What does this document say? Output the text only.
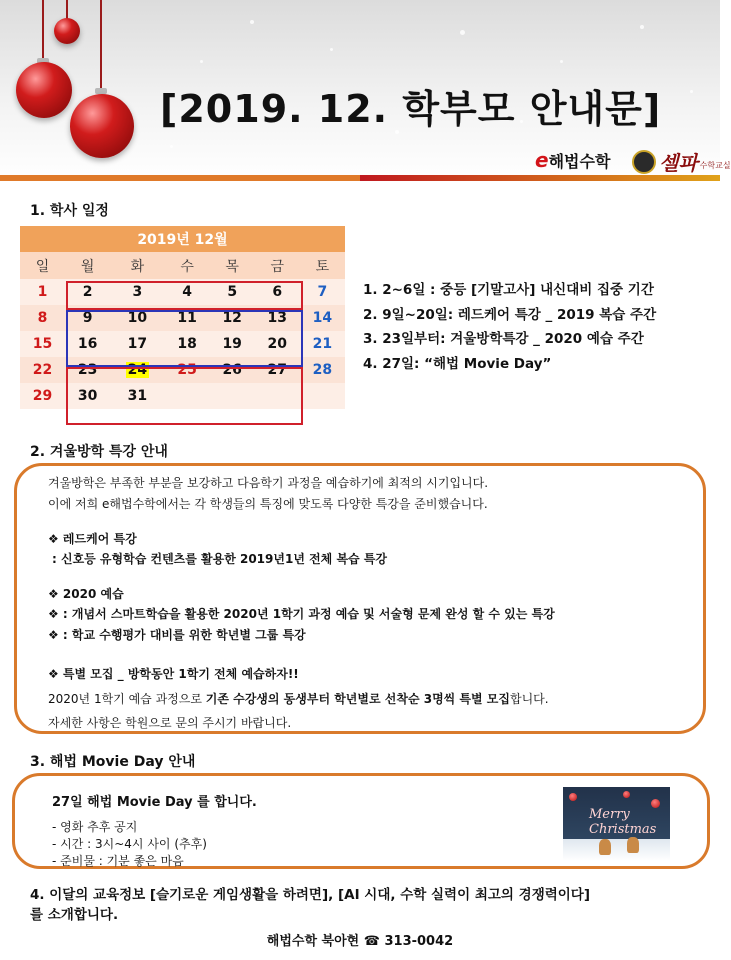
[2019. 12. 학부모 안내문]
e해법수학 셀파 수학교실
1. 학사 일정
2019년 12월						
일	월	화	수	목	금	토
1	2	3	4	5	6	7
8	9	10	11	12	13	14
15	16	17	18	19	20	21
22	23	24	25	26	27	28
29	30	31				
1. 2~6일 : 중등 [기말고사] 내신대비 집중 기간
2. 9일~20일: 레드케어 특강 _ 2019 복습 주간
3. 23일부터: 겨울방학특강 _ 2020 예습 주간
4. 27일: “해법 Movie Day”
2. 겨울방학 특강 안내
겨울방학은 부족한 부분을 보강하고 다음학기 과정을 예습하기에 최적의 시기입니다.
이에 저희 e해법수학에서는 각 학생들의 특징에 맞도록 다양한 특강을 준비했습니다.
❖ 레드케어 특강
: 신호등 유형학습 컨텐츠를 활용한 2019년1년 전체 복습 특강
❖ 2020 예습
❖ : 개념서 스마트학습을 활용한 2020년 1학기 과정 예습 및 서술형 문제 완성 할 수 있는 특강
❖ : 학교 수행평가 대비를 위한 학년별 그룹 특강
❖ 특별 모집 _ 방학동안 1학기 전체 예습하자!!
2020년 1학기 예습 과정으로 기존 수강생의 동생부터 학년별로 선착순 3명씩 특별 모집합니다.
자세한 사항은 학원으로 문의 주시기 바랍니다.
3. 해법 Movie Day 안내
27일 해법 Movie Day 를 합니다.
- 영화 추후 공지
- 시간 : 3시~4시 사이 (추후)
- 준비물 : 기분 좋은 마음
Merry Christmas
4. 이달의 교육정보 [슬기로운 게임생활을 하려면], [AI 시대, 수학 실력이 최고의 경쟁력이다]
를 소개합니다.
해법수학 북아현 ☎ 313-0042
